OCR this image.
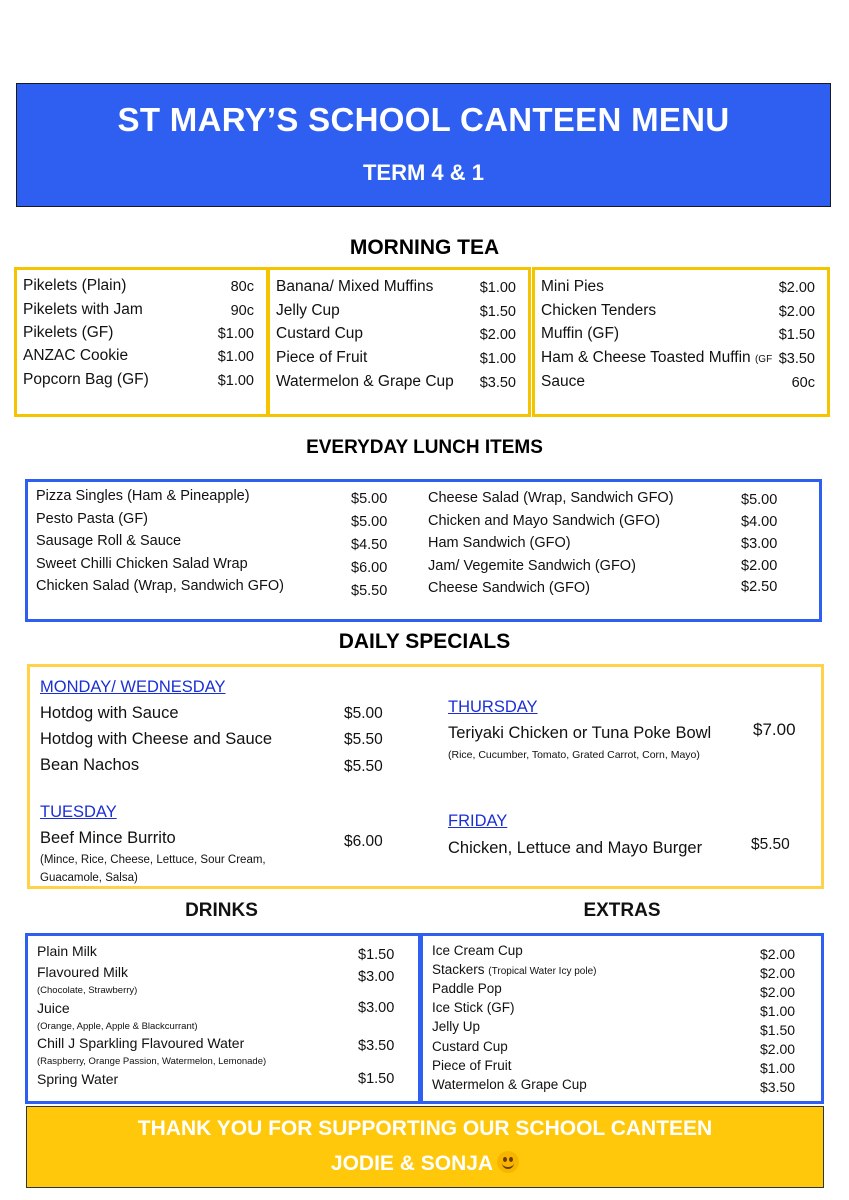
ST MARY’S SCHOOL CANTEEN MENU
TERM 4 & 1
MORNING TEA
Pikelets (Plain)	80c
Pikelets with Jam	90c
Pikelets (GF)	$1.00
ANZAC Cookie	$1.00
Popcorn Bag (GF)	$1.00
Banana/ Mixed Muffins	$1.00
Jelly Cup	$1.50
Custard Cup	$2.00
Piece of Fruit	$1.00
Watermelon & Grape Cup $3.50
Mini Pies	$2.00
Chicken Tenders	$2.00
Muffin (GF)	$1.50
Ham & Cheese Toasted Muffin (GF $3.50
Sauce	60c
EVERYDAY LUNCH ITEMS
Pizza Singles (Ham & Pineapple)	$5.00
Pesto Pasta (GF)	$5.00
Sausage Roll & Sauce	$4.50
Sweet Chilli Chicken Salad Wrap	$6.00
Chicken Salad (Wrap, Sandwich GFO)	$5.50
Cheese Salad (Wrap, Sandwich GFO)	$5.00
Chicken and Mayo Sandwich (GFO)	$4.00
Ham Sandwich (GFO)	$3.00
Jam/ Vegemite Sandwich (GFO)	$2.00
Cheese Sandwich (GFO)	$2.50
DAILY SPECIALS
MONDAY/ WEDNESDAY
Hotdog with Sauce	$5.00
Hotdog with Cheese and Sauce	$5.50
Bean Nachos	$5.50
TUESDAY
Beef Mince Burrito
(Mince, Rice, Cheese, Lettuce, Sour Cream, Guacamole, Salsa)
$6.00
THURSDAY
Teriyaki Chicken or Tuna Poke Bowl
(Rice, Cucumber, Tomato, Grated Carrot, Corn, Mayo)
$7.00
FRIDAY
Chicken, Lettuce and Mayo Burger	$5.50
DRINKS	EXTRAS
Plain Milk	$1.50
Flavoured Milk
(Chocolate, Strawberry)
$3.00
Juice
(Orange, Apple, Apple & Blackcurrant)
$3.00
Chill J Sparkling Flavoured Water
(Raspberry, Orange Passion, Watermelon, Lemonade)
$3.50
Spring Water	$1.50
Ice Cream Cup	$2.00
Stackers (Tropical Water Icy pole)	$2.00
Paddle Pop	$2.00
Ice Stick (GF)	$1.00
Jelly Up	$1.50
Custard Cup	$2.00
Piece of Fruit	$1.00
Watermelon & Grape Cup	$3.50
THANK YOU FOR SUPPORTING OUR SCHOOL CANTEEN
JODIE & SONJA
